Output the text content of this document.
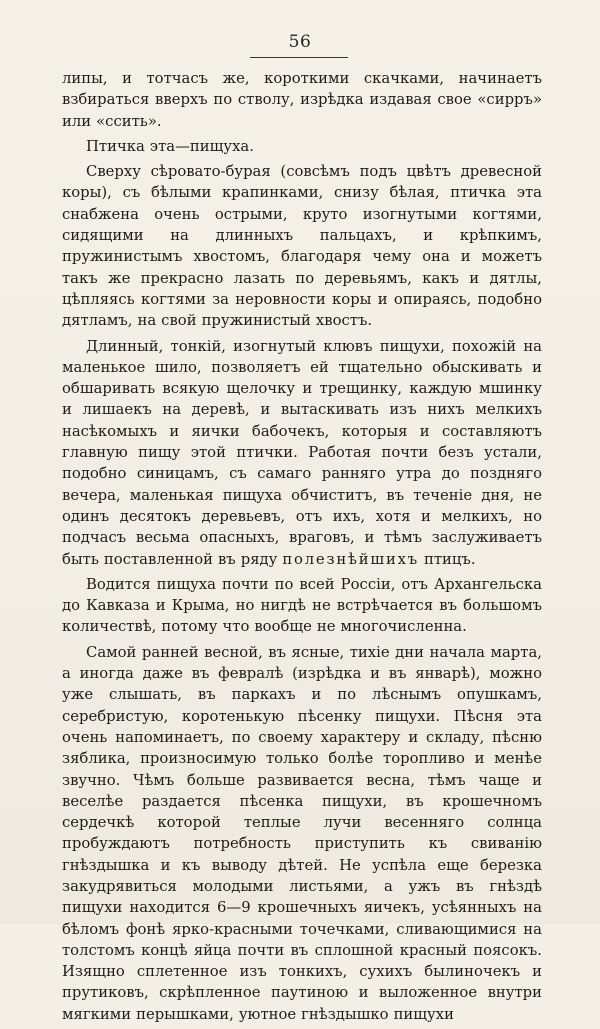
56

липы, и тотчасъ же, короткими скачками, начинаетъ взбираться вверхъ по стволу, изрѣдка издавая свое «сирръ» или «ссить».

Птичка эта—пищуха.

Сверху сѣровато-бурая (совсѣмъ подъ цвѣтъ древесной коры), съ бѣлыми крапинками, снизу бѣлая, птичка эта снабжена очень острыми, круто изогнутыми когтями, сидящими на длинныхъ пальцахъ, и крѣпкимъ, пружинистымъ хвостомъ, благодаря чему она и можетъ такъ же прекрасно лазать по деревьямъ, какъ и дятлы, цѣпляясь когтями за неровности коры и опираясь, подобно дятламъ, на свой пружинистый хвостъ.

Длинный, тонкій, изогнутый клювъ пищухи, похожій на маленькое шило, позволяетъ ей тщательно обыскивать и обшаривать всякую щелочку и трещинку, каждую мшинку и лишаекъ на деревѣ, и вытаскивать изъ нихъ мелкихъ насѣкомыхъ и яички бабочекъ, которыя и составляютъ главную пищу этой птички. Работая почти безъ устали, подобно синицамъ, съ самаго ранняго утра до поздняго вечера, маленькая пищуха обчиститъ, въ теченіе дня, не одинъ десятокъ деревьевъ, отъ ихъ, хотя и мелкихъ, но подчасъ весьма опасныхъ, враговъ, и тѣмъ заслуживаетъ быть поставленной въ ряду полезнѣйшихъ птицъ.

Водится пищуха почти по всей Россіи, отъ Архангельска до Кавказа и Крыма, но нигдѣ не встрѣчается въ большомъ количествѣ, потому что вообще не многочисленна.

Самой ранней весной, въ ясные, тихіе дни начала марта, а иногда даже въ февралѣ (изрѣдка и въ январѣ), можно уже слышать, въ паркахъ и по лѣснымъ опушкамъ, серебристую, коротенькую пѣсенку пищухи. Пѣсня эта очень напоминаетъ, по своему характеру и складу, пѣсню зяблика, произносимую только болѣе торопливо и менѣе звучно. Чѣмъ больше развивается весна, тѣмъ чаще и веселѣе раздается пѣсенка пищухи, въ крошечномъ сердечкѣ которой теплые лучи весенняго солнца пробуждаютъ потребность приступить къ свиванію гнѣздышка и къ выводу дѣтей. Не успѣла еще березка закудрявиться молодыми листьями, а ужъ въ гнѣздѣ пищухи находится 6—9 крошечныхъ яичекъ, усѣянныхъ на бѣломъ фонѣ ярко-красными точечками, сливающимися на толстомъ концѣ яйца почти въ сплошной красный поясокъ. Изящно сплетенное изъ тонкихъ, сухихъ былиночекъ и прутиковъ, скрѣпленное паутиною и выложенное внутри мягкими перышками, уютное гнѣздышко пищухи
